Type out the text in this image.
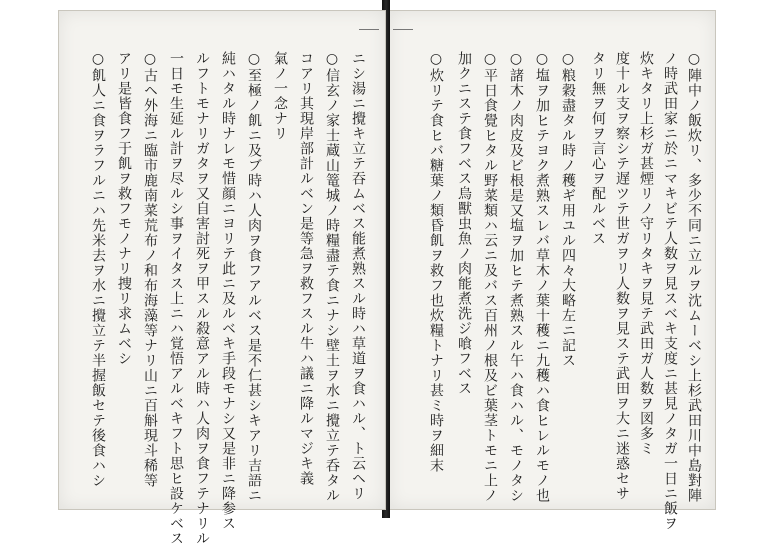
○陣中ノ飯炊リ、多少不同ニ立ルヲ沈ムーベシ上杉武田川中島對陣
ノ時武田家ニ於ニマキビテ人数ヲ見スベキ支度ニ甚見ノタガ一日ニ飯ヲ
炊キタリ上杉ガ甚煙リノ守リタキヲ見テ武田ガ人数ヲ図多ミ
度十ル支ヲ察シテ遅ツテ世ガヲリ人数ヲ見ステ武田ヲ大ニ迷惑セサ
タリ無ヲ何ヲ言心ヲ配ルベス
○粮穀盡タル時ノ穫ギ用ユル四々大略左ニ記ス
○塩ヲ加ヒテヨク煮熟スレバ草木ノ葉十穫ニ九穫ハ食ヒレルモノ也
○諸木ノ肉皮及ビ根是又塩ヲ加ヒテ煮熟スル午ハ食ハル、モノタシ
○平日食覺ヒタル野菜類ハ云ニ及バス百州ノ根及ビ葉茎トモニ上ノ
加クニステ食フベス烏獸虫魚ノ肉能煮洗ジ喰フベス
○炊リテ食ヒバ糖葉ノ類昏飢ヲ救フ也炊糧トナリ甚ミ時ヲ細末
ニシ湯ニ攪キ立テ吞ムベス能煮熟スル時ハ草道ヲ食ハル、ト云ヘリ
○信玄ノ家士蔵山篭城ノ時糧盡テ食ニナシ壁土ヲ水ニ攪立テ呑タル
コアリ其現岸部計ルベン是等急ヲ救フスル牛ハ議ニ降ルマジキ義
氣ノ一念ナリ
○至極ノ飢ニ及ブ時ハ人肉ヲ食フアルベス是不仁甚シキアリ吉語ニ
純ハタル時ナレモ惜顔ニヨリテ此ニ及ルベキ手段モナシ又是非ニ降参ス
ルフトモナリガタヲ又自害討死ヲ甲スル殺意アル時ハ人肉ヲ食フテナリル
一日モ生延ル計ヲ尽ルシ事ヲイタス上ニハ覚悟アルベキフト思ヒ設ケベス
○古ヘ外海ニ臨市鹿南菜荒布ノ和布海藻等ナリ山ニ百斛現斗稀等
アリ是皆食フ于飢ヲ救フモノナリ捜リ求ムベシ
○飢人ニ食ヲラフルニハ先米去ヲ水ニ攪立テ半握飯セテ後食ハシ
